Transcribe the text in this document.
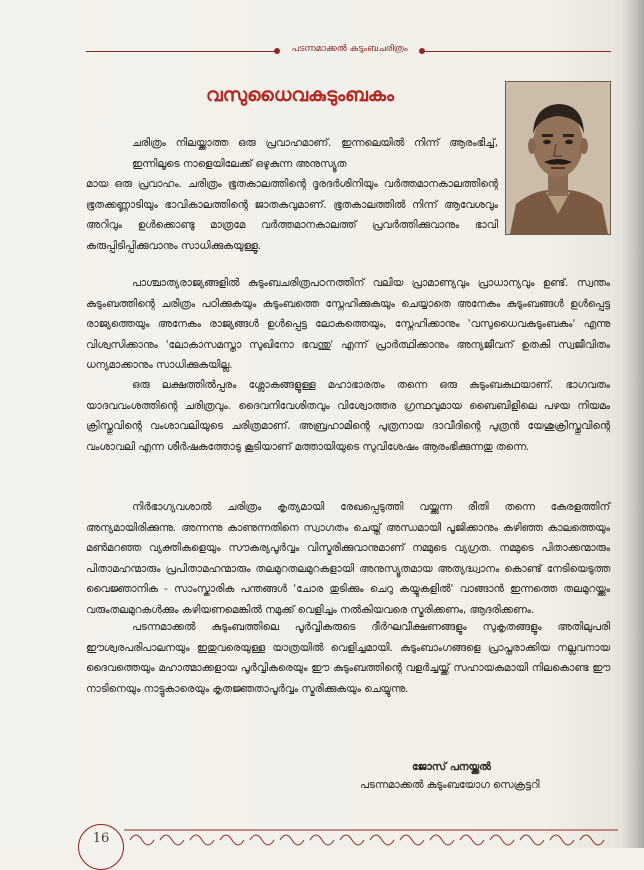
പടന്നമാക്കൽ കുടുംബചരിത്രം
വസുധൈവകുടുംബകം
ചരിത്രം നിലയ്ക്കാത്ത ഒരു പ്രവാഹമാണ്. ഇന്നലെയിൽ നിന്ന് ആരംഭിച്ച്, ഇന്നിലൂടെ നാളെയിലേക്ക് ഒഴുകുന്ന അനുസ്യൂത
മായ ഒരു പ്രവാഹം. ചരിത്രം ഭൂതകാലത്തിന്റെ ദൂരദർശിനിയും വർത്തമാനകാലത്തിന്റെ ഭൂതക്കണ്ണാടിയും ഭാവികാലത്തിന്റെ ജാതകവുമാണ്. ഭൂതകാലത്തിൽ നിന്ന് ആവേശവും അറിവും ഉൾക്കൊണ്ടു മാത്രമേ വർത്തമാനകാലത്ത് പ്രവർത്തിക്കുവാനും ഭാവി കരുപ്പിടിപ്പിക്കുവാനും സാധിക്കുകയുള്ളൂ.
പാശ്ചാത്യരാജ്യങ്ങളിൽ കുടുംബചരിത്രപഠനത്തിന് വലിയ പ്രാമാണ്യവും പ്രാധാന്യവും ഉണ്ട്. സ്വന്തം കുടുംബത്തിന്റെ ചരിത്രം പഠിക്കുകയും കുടുംബത്തെ സ്നേഹിക്കുകയും ചെയ്യാതെ അനേകം കുടുംബങ്ങൾ ഉൾപ്പെട്ട രാജ്യത്തെയും അനേകം രാജ്യങ്ങൾ ഉൾപ്പെട്ട ലോകത്തെയും, സ്നേഹിക്കാനും 'വസുധൈവകുടുംബകം' എന്നു വിശ്വസിക്കാനും 'ലോകാസമസ്താ സുഖിനോ ഭവന്തു' എന്ന് പ്രാർത്ഥിക്കാനും അന്യജീവന് ഉതകി സ്വജീവിതം ധന്യമാക്കാനും സാധിക്കുകയില്ല.
ഒരു ലക്ഷത്തിൽപ്പരം ശ്ലോകങ്ങളുള്ള മഹാഭാരതം തന്നെ ഒരു കുടുംബകഥയാണ്. ഭാഗവതം യാദവവംശത്തിന്റെ ചരിത്രവും. ദൈവനിവേശിതവും വിശ്വോത്തര ഗ്രന്ഥവുമായ ബൈബിളിലെ പഴയ നിയമം ക്രിസ്തുവിന്റെ വംശാവലിയുടെ ചരിത്രമാണ്. അബ്രഹാമിന്റെ പുത്രനായ ദാവീദിന്റെ പുത്രൻ യേശുക്രിസ്തുവിന്റെ വംശാവലി എന്ന ശീർഷകത്തോടു കൂടിയാണ് മത്തായിയുടെ സുവിശേഷം ആരംഭിക്കുന്നതു തന്നെ.
നിർഭാഗ്യവശാൽ ചരിത്രം കൃത്യമായി രേഖപ്പെടുത്തി വയ്ക്കുന്ന രീതി തന്നെ കേരളത്തിന് അന്യമായിരിക്കുന്നു. അന്നന്നു കാണുന്നതിനെ സ്വാഗതം ചെയ്ത് അന്ധമായി പൂജിക്കാനും കഴിഞ്ഞ കാലത്തെയും മൺമറഞ്ഞ വ്യക്തികളെയും സൗകര്യപൂർവ്വം വിസ്മരിക്കുവാനുമാണ് നമ്മുടെ വ്യഗ്രത. നമ്മുടെ പിതാക്കന്മാരും പിതാമഹന്മാരും പ്രപിതാമഹന്മാരും തലമുറതലമുറകളായി അനുസ്യൂതമായ അത്യദ്ധ്വാനം കൊണ്ട് നേടിയെടുത്ത വൈജ്ഞാനിക - സാംസ്കാരിക പന്തങ്ങൾ 'ചോര തുടിക്കും ചെറു കയ്യുകളിൽ' വാങ്ങാൻ ഇന്നത്തെ തലമുറയ്ക്കും വരുംതലമുറകൾക്കും കഴിയണമെങ്കിൽ നമുക്ക് വെളിച്ചം നൽകിയവരെ സ്മരിക്കണം, ആദരിക്കണം.
പടന്നമാക്കൽ കുടുംബത്തിലെ പൂർവ്വികരുടെ ദീർഘവീക്ഷണങ്ങളും സുകൃതങ്ങളും അതിലുപരി ഈശ്വരപരിപാലനയും ഇതുവരെയുള്ള യാത്രയിൽ വെളിച്ചമായി. കുടുംബാംഗങ്ങളെ പ്രാപ്തരാക്കിയ നല്ലവനായ ദൈവത്തെയും മഹാത്മാക്കളായ പൂർവ്വികരെയും ഈ കുടുംബത്തിന്റെ വളർച്ചയ്ക്ക് സഹായകമായി നിലകൊണ്ട ഈ നാടിനെയും നാട്ടുകാരെയും കൃതജ്ഞതാപൂർവ്വം സ്മരിക്കുകയും ചെയ്യുന്നു.
ജോസ് പനയ്ക്കൽ
പടന്നമാക്കൽ കുടുംബയോഗ സെക്രട്ടറി
16
